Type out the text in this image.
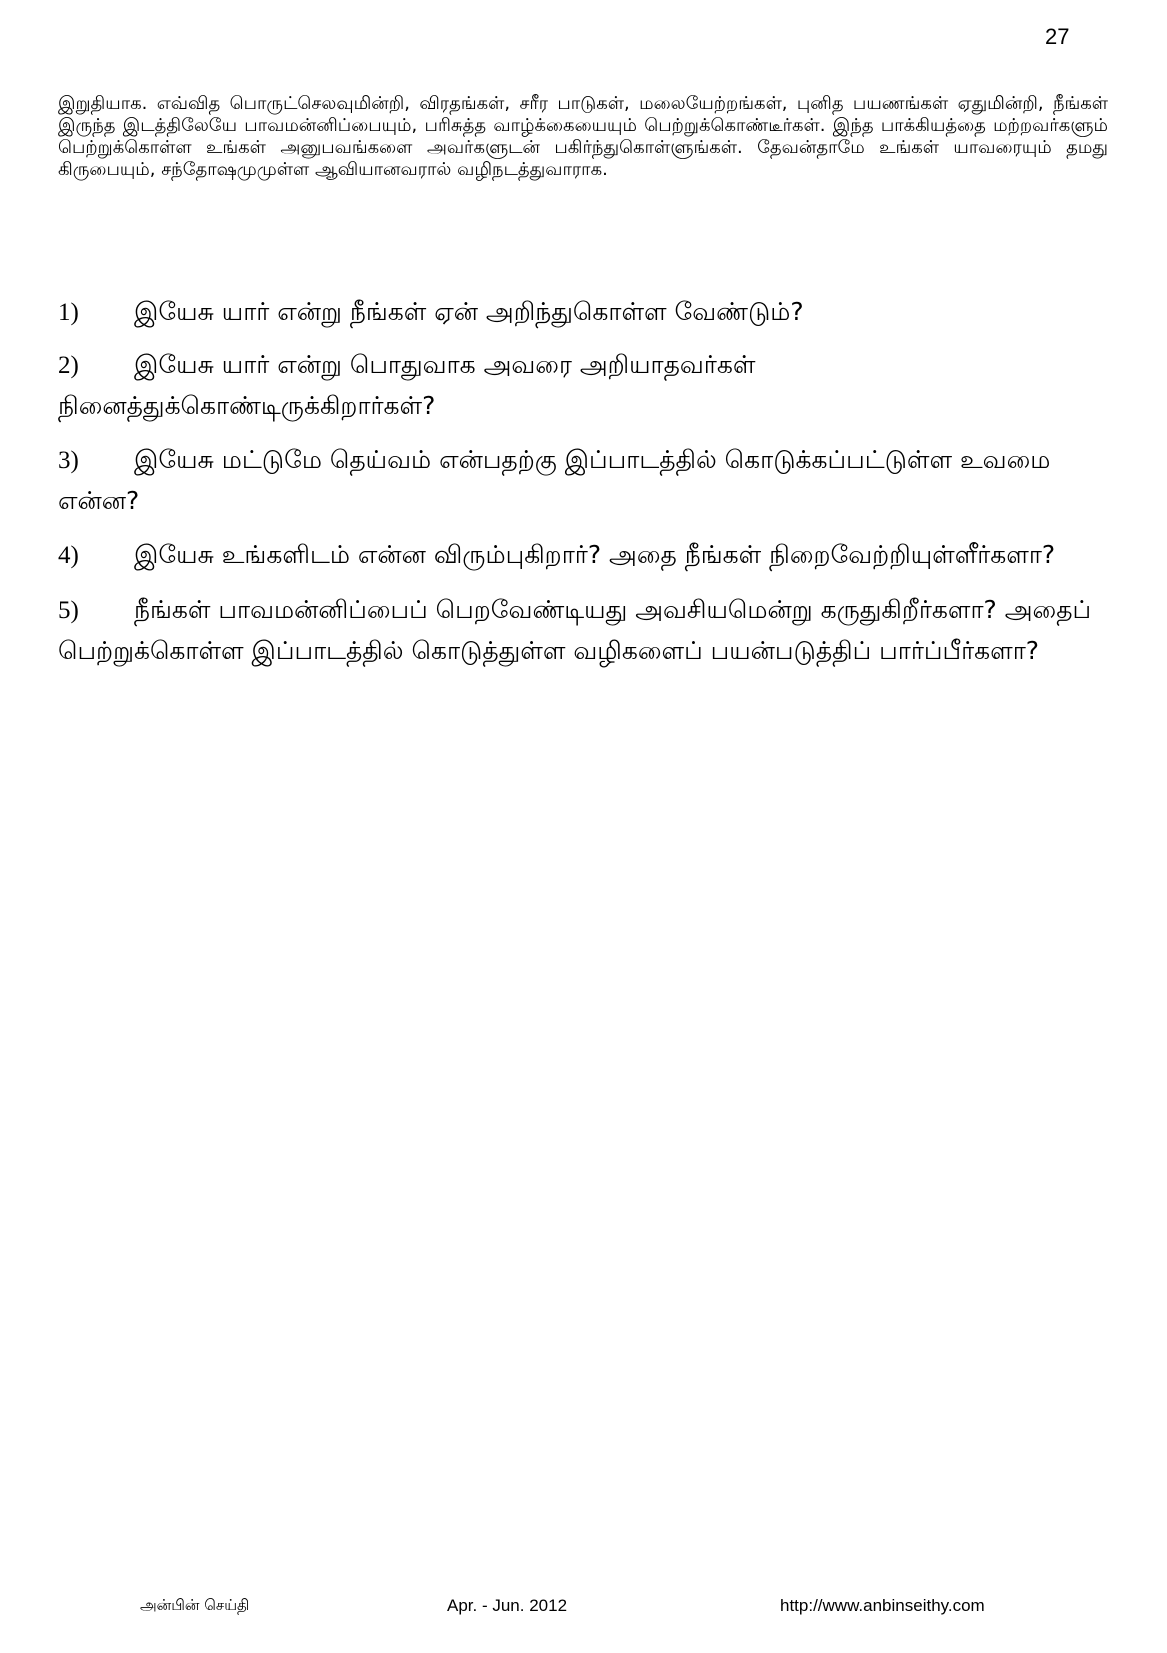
27
இறுதியாக. எவ்வித பொருட்செலவுமின்றி, விரதங்கள், சரீர பாடுகள், மலையேற்றங்கள், புனித பயணங்கள் ஏதுமின்றி, நீங்கள் இருந்த இடத்திலேயே பாவமன்னிப்பையும், பரிசுத்த வாழ்க்கையையும் பெற்றுக்கொண்டீர்கள். இந்த பாக்கியத்தை மற்றவர்களும் பெற்றுக்கொள்ள உங்கள் அனுபவங்களை அவர்களுடன் பகிர்ந்துகொள்ளுங்கள். தேவன்தாமே உங்கள் யாவரையும் தமது கிருபையும், சந்தோஷமுமுள்ள ஆவியானவரால் வழிநடத்துவாராக.
1) இயேசு யார் என்று நீங்கள் ஏன் அறிந்துகொள்ள வேண்டும்?
2) இயேசு யார் என்று பொதுவாக அவரை அறியாதவர்கள் நினைத்துக்கொண்டிருக்கிறார்கள்?
3) இயேசு மட்டுமே தெய்வம் என்பதற்கு இப்பாடத்தில் கொடுக்கப்பட்டுள்ள உவமை என்ன?
4) இயேசு உங்களிடம் என்ன விரும்புகிறார்? அதை நீங்கள் நிறைவேற்றியுள்ளீர்களா?
5) நீங்கள் பாவமன்னிப்பைப் பெறவேண்டியது அவசியமென்று கருதுகிறீர்களா? அதைப் பெற்றுக்கொள்ள இப்பாடத்தில் கொடுத்துள்ள வழிகளைப் பயன்படுத்திப் பார்ப்பீர்களா?
அன்பின் செய்தி	Apr. - Jun. 2012	http://www.anbinseithy.com
